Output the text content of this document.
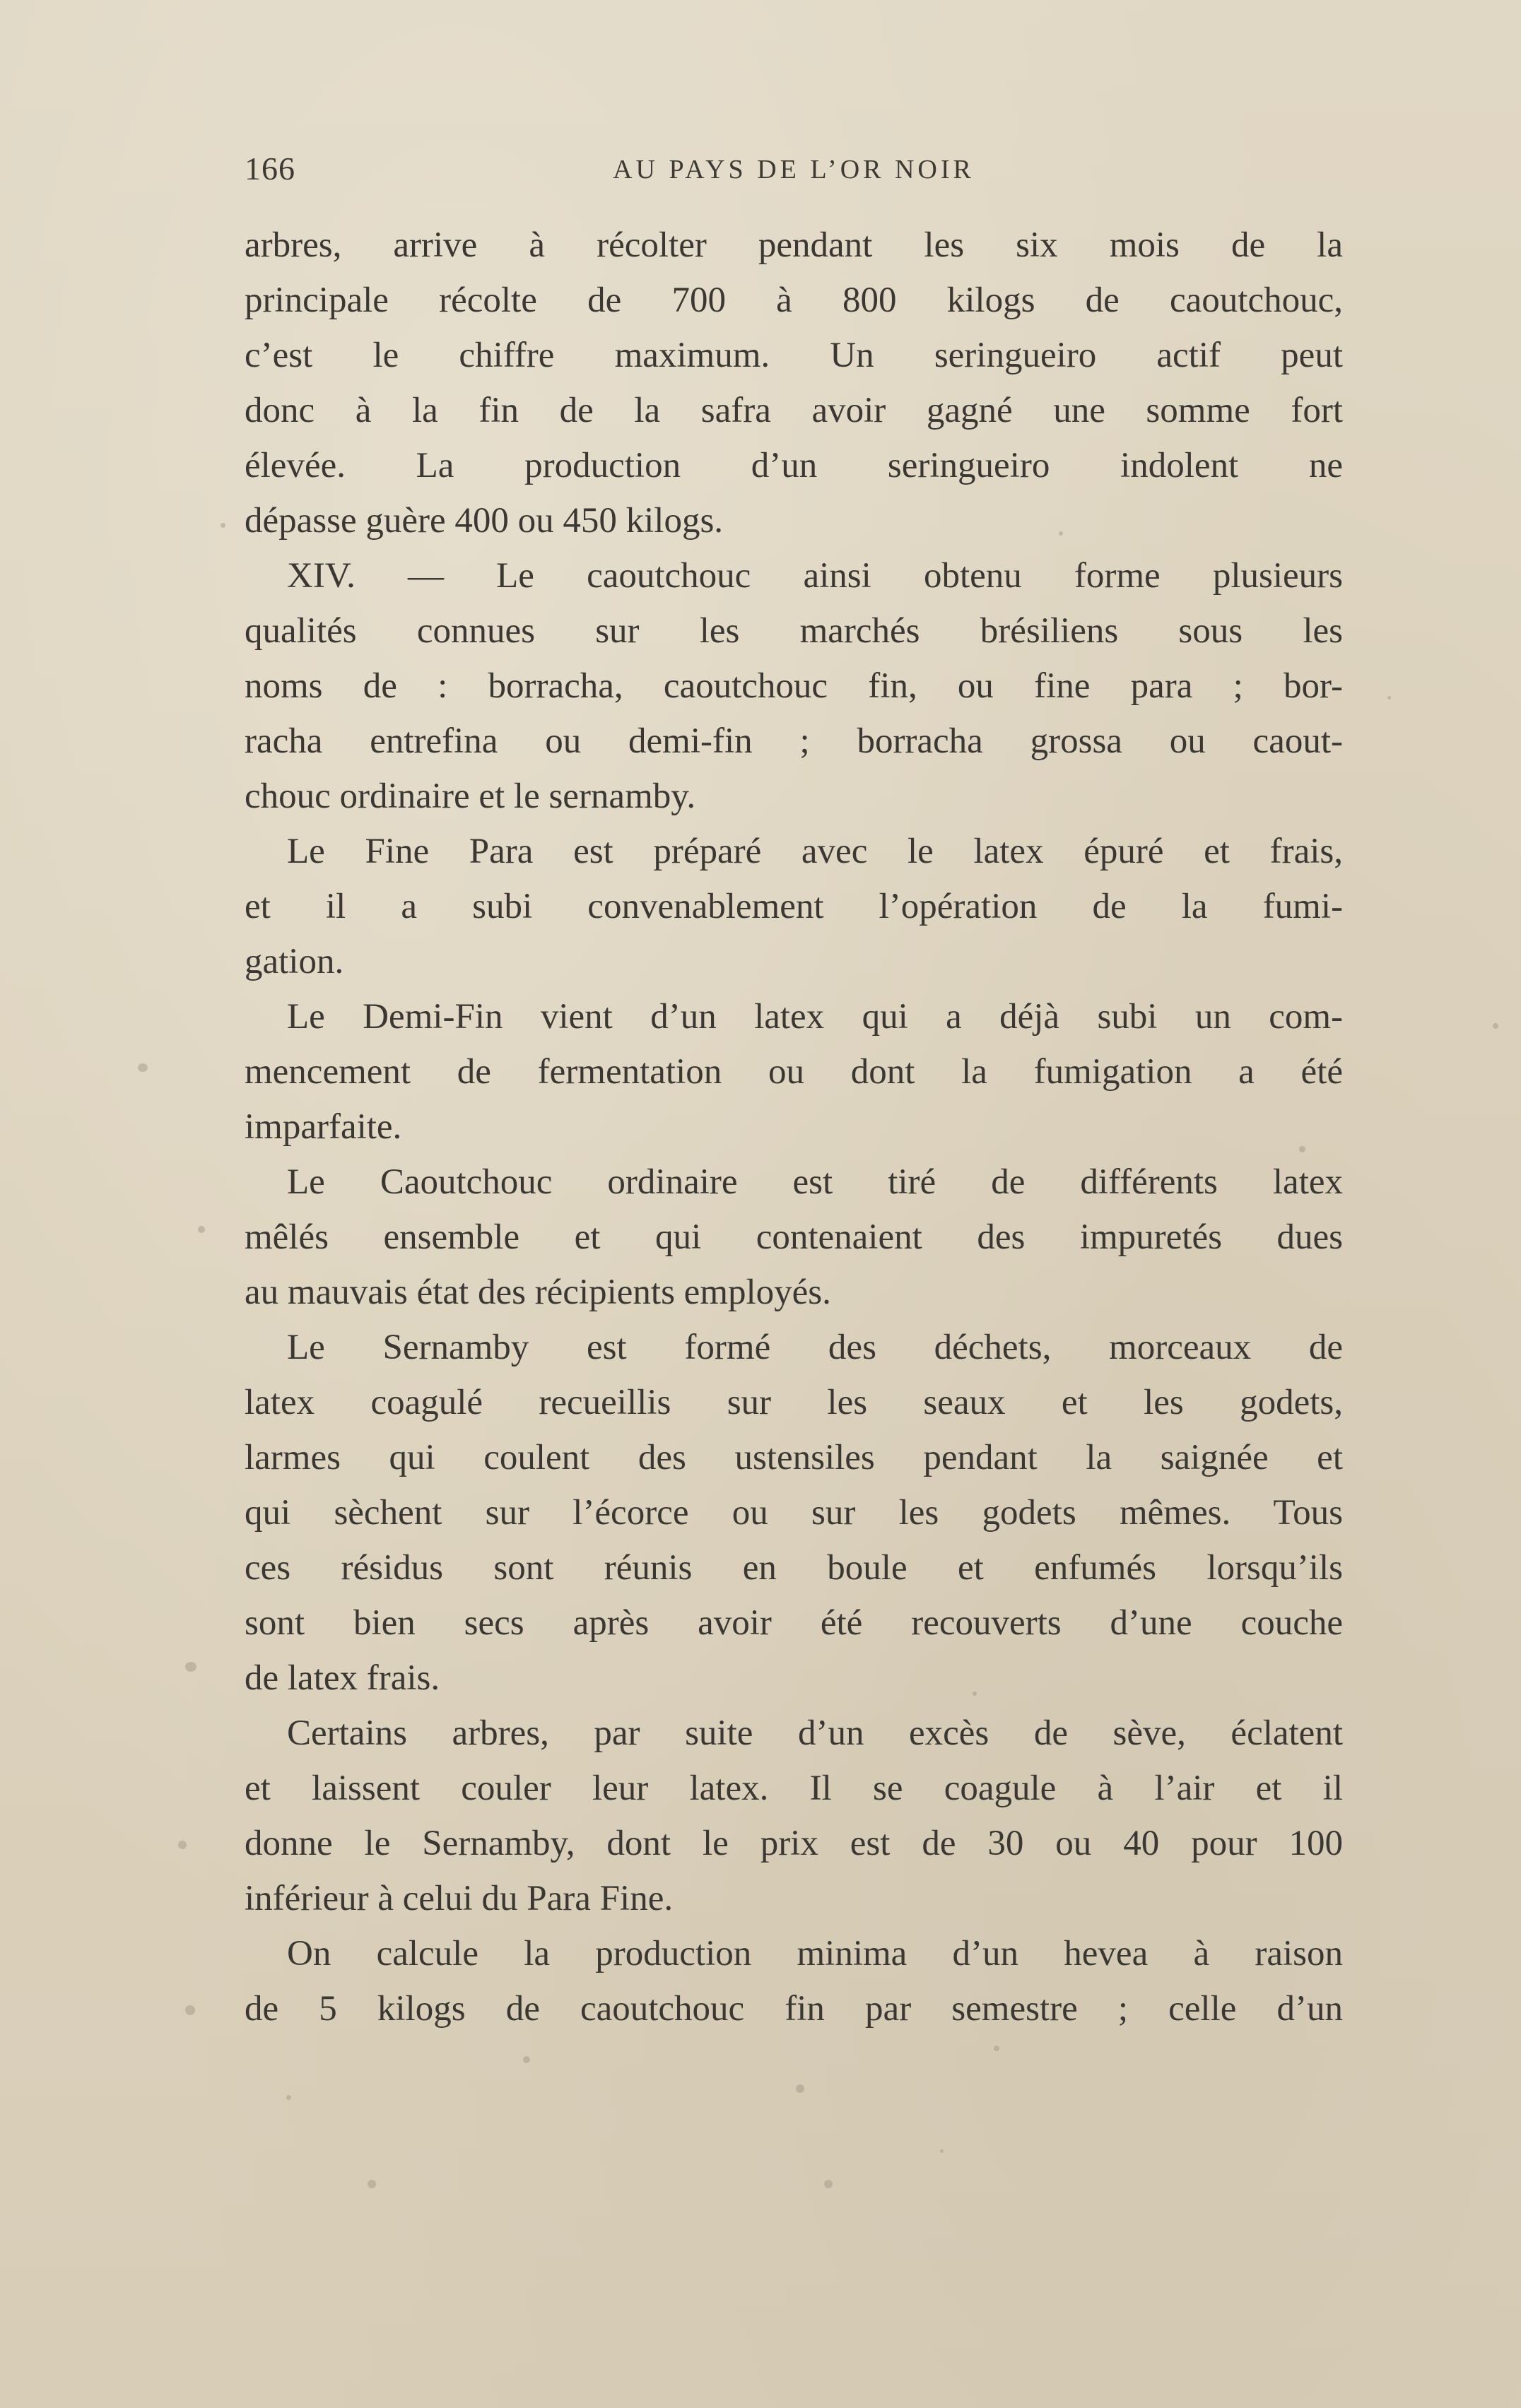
166	AU PAYS DE L’OR NOIR
arbres, arrive à récolter pendant les six mois de la
principale récolte de 700 à 800 kilogs de caoutchouc,
c’est le chiffre maximum. Un seringueiro actif peut
donc à la fin de la safra avoir gagné une somme fort
élevée. La production d’un seringueiro indolent ne
dépasse guère 400 ou 450 kilogs.
XIV. — Le caoutchouc ainsi obtenu forme plusieurs
qualités connues sur les marchés brésiliens sous les
noms de : borracha, caoutchouc fin, ou fine para ; bor-
racha entrefina ou demi-fin ; borracha grossa ou caout-
chouc ordinaire et le sernamby.
Le Fine Para est préparé avec le latex épuré et frais,
et il a subi convenablement l’opération de la fumi-
gation.
Le Demi-Fin vient d’un latex qui a déjà subi un com-
mencement de fermentation ou dont la fumigation a été
imparfaite.
Le Caoutchouc ordinaire est tiré de différents latex
mêlés ensemble et qui contenaient des impuretés dues
au mauvais état des récipients employés.
Le Sernamby est formé des déchets, morceaux de
latex coagulé recueillis sur les seaux et les godets,
larmes qui coulent des ustensiles pendant la saignée et
qui sèchent sur l’écorce ou sur les godets mêmes. Tous
ces résidus sont réunis en boule et enfumés lorsqu’ils
sont bien secs après avoir été recouverts d’une couche
de latex frais.
Certains arbres, par suite d’un excès de sève, éclatent
et laissent couler leur latex. Il se coagule à l’air et il
donne le Sernamby, dont le prix est de 30 ou 40 pour 100
inférieur à celui du Para Fine.
On calcule la production minima d’un hevea à raison
de 5 kilogs de caoutchouc fin par semestre ; celle d’un
